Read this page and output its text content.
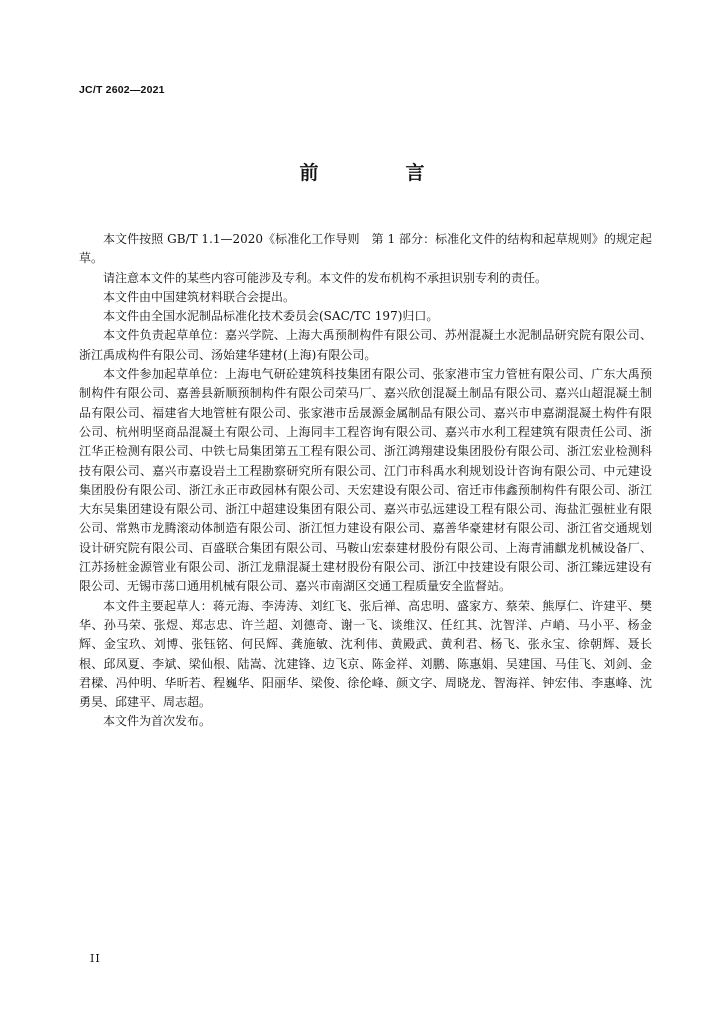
JC/T 2602—2021
前　言

本文件按照 GB/T 1.1—2020《标准化工作导则　第 1 部分：标准化文件的结构和起草规则》的规定起草。

请注意本文件的某些内容可能涉及专利。本文件的发布机构不承担识别专利的责任。

本文件由中国建筑材料联合会提出。

本文件由全国水泥制品标准化技术委员会(SAC/TC 197)归口。

本文件负责起草单位：嘉兴学院、上海大禹预制构件有限公司、苏州混凝土水泥制品研究院有限公司、浙江禹成构件有限公司、汤始建华建材(上海)有限公司。

本文件参加起草单位：上海电气研砼建筑科技集团有限公司、张家港市宝力管桩有限公司、广东大禹预制构件有限公司、嘉善县新顺预制构件有限公司荣马厂、嘉兴欣创混凝土制品有限公司、嘉兴山超混凝土制品有限公司、福建省大地管桩有限公司、张家港市岳晟源金属制品有限公司、嘉兴市申嘉湖混凝土构件有限公司、杭州明坚商品混凝土有限公司、上海同丰工程咨询有限公司、嘉兴市水利工程建筑有限责任公司、浙江华正检测有限公司、中铁七局集团第五工程有限公司、浙江鸿翔建设集团股份有限公司、浙江宏业检测科技有限公司、嘉兴市嘉设岩土工程勘察研究所有限公司、江门市科禹水利规划设计咨询有限公司、中元建设集团股份有限公司、浙江永正市政园林有限公司、天宏建设有限公司、宿迁市伟鑫预制构件有限公司、浙江大东吴集团建设有限公司、浙江中超建设集团有限公司、嘉兴市弘远建设工程有限公司、海盐汇强桩业有限公司、常熟市龙腾滚动体制造有限公司、浙江恒力建设有限公司、嘉善华豪建材有限公司、浙江省交通规划设计研究院有限公司、百盛联合集团有限公司、马鞍山宏泰建材股份有限公司、上海青浦麒龙机械设备厂、江苏扬桩金源管业有限公司、浙江龙鼎混凝土建材股份有限公司、浙江中技建设有限公司、浙江臻远建设有限公司、无锡市荡口通用机械有限公司、嘉兴市南湖区交通工程质量安全监督站。

本文件主要起草人：蒋元海、李涛涛、刘红飞、张后禅、高忠明、盛家方、蔡荣、熊厚仁、许建平、樊华、孙马荣、张煜、郑志忠、许兰超、刘德奇、谢一飞、谈维汉、任红其、沈智洋、卢峭、马小平、杨金辉、金宝玖、刘博、张钰铭、何民辉、龚施敏、沈利伟、黄殿武、黄利君、杨飞、张永宝、徐朝辉、聂长根、邱凤夏、李斌、梁仙根、陆嵩、沈建锋、边飞京、陈金祥、刘鹏、陈惠娟、吴建国、马佳飞、刘剑、金君樑、冯仲明、华昕若、程巍华、阳丽华、梁俊、徐伦峰、颜文字、周晓龙、智海祥、钟宏伟、李惠峰、沈勇昊、邱建平、周志超。

本文件为首次发布。

II
